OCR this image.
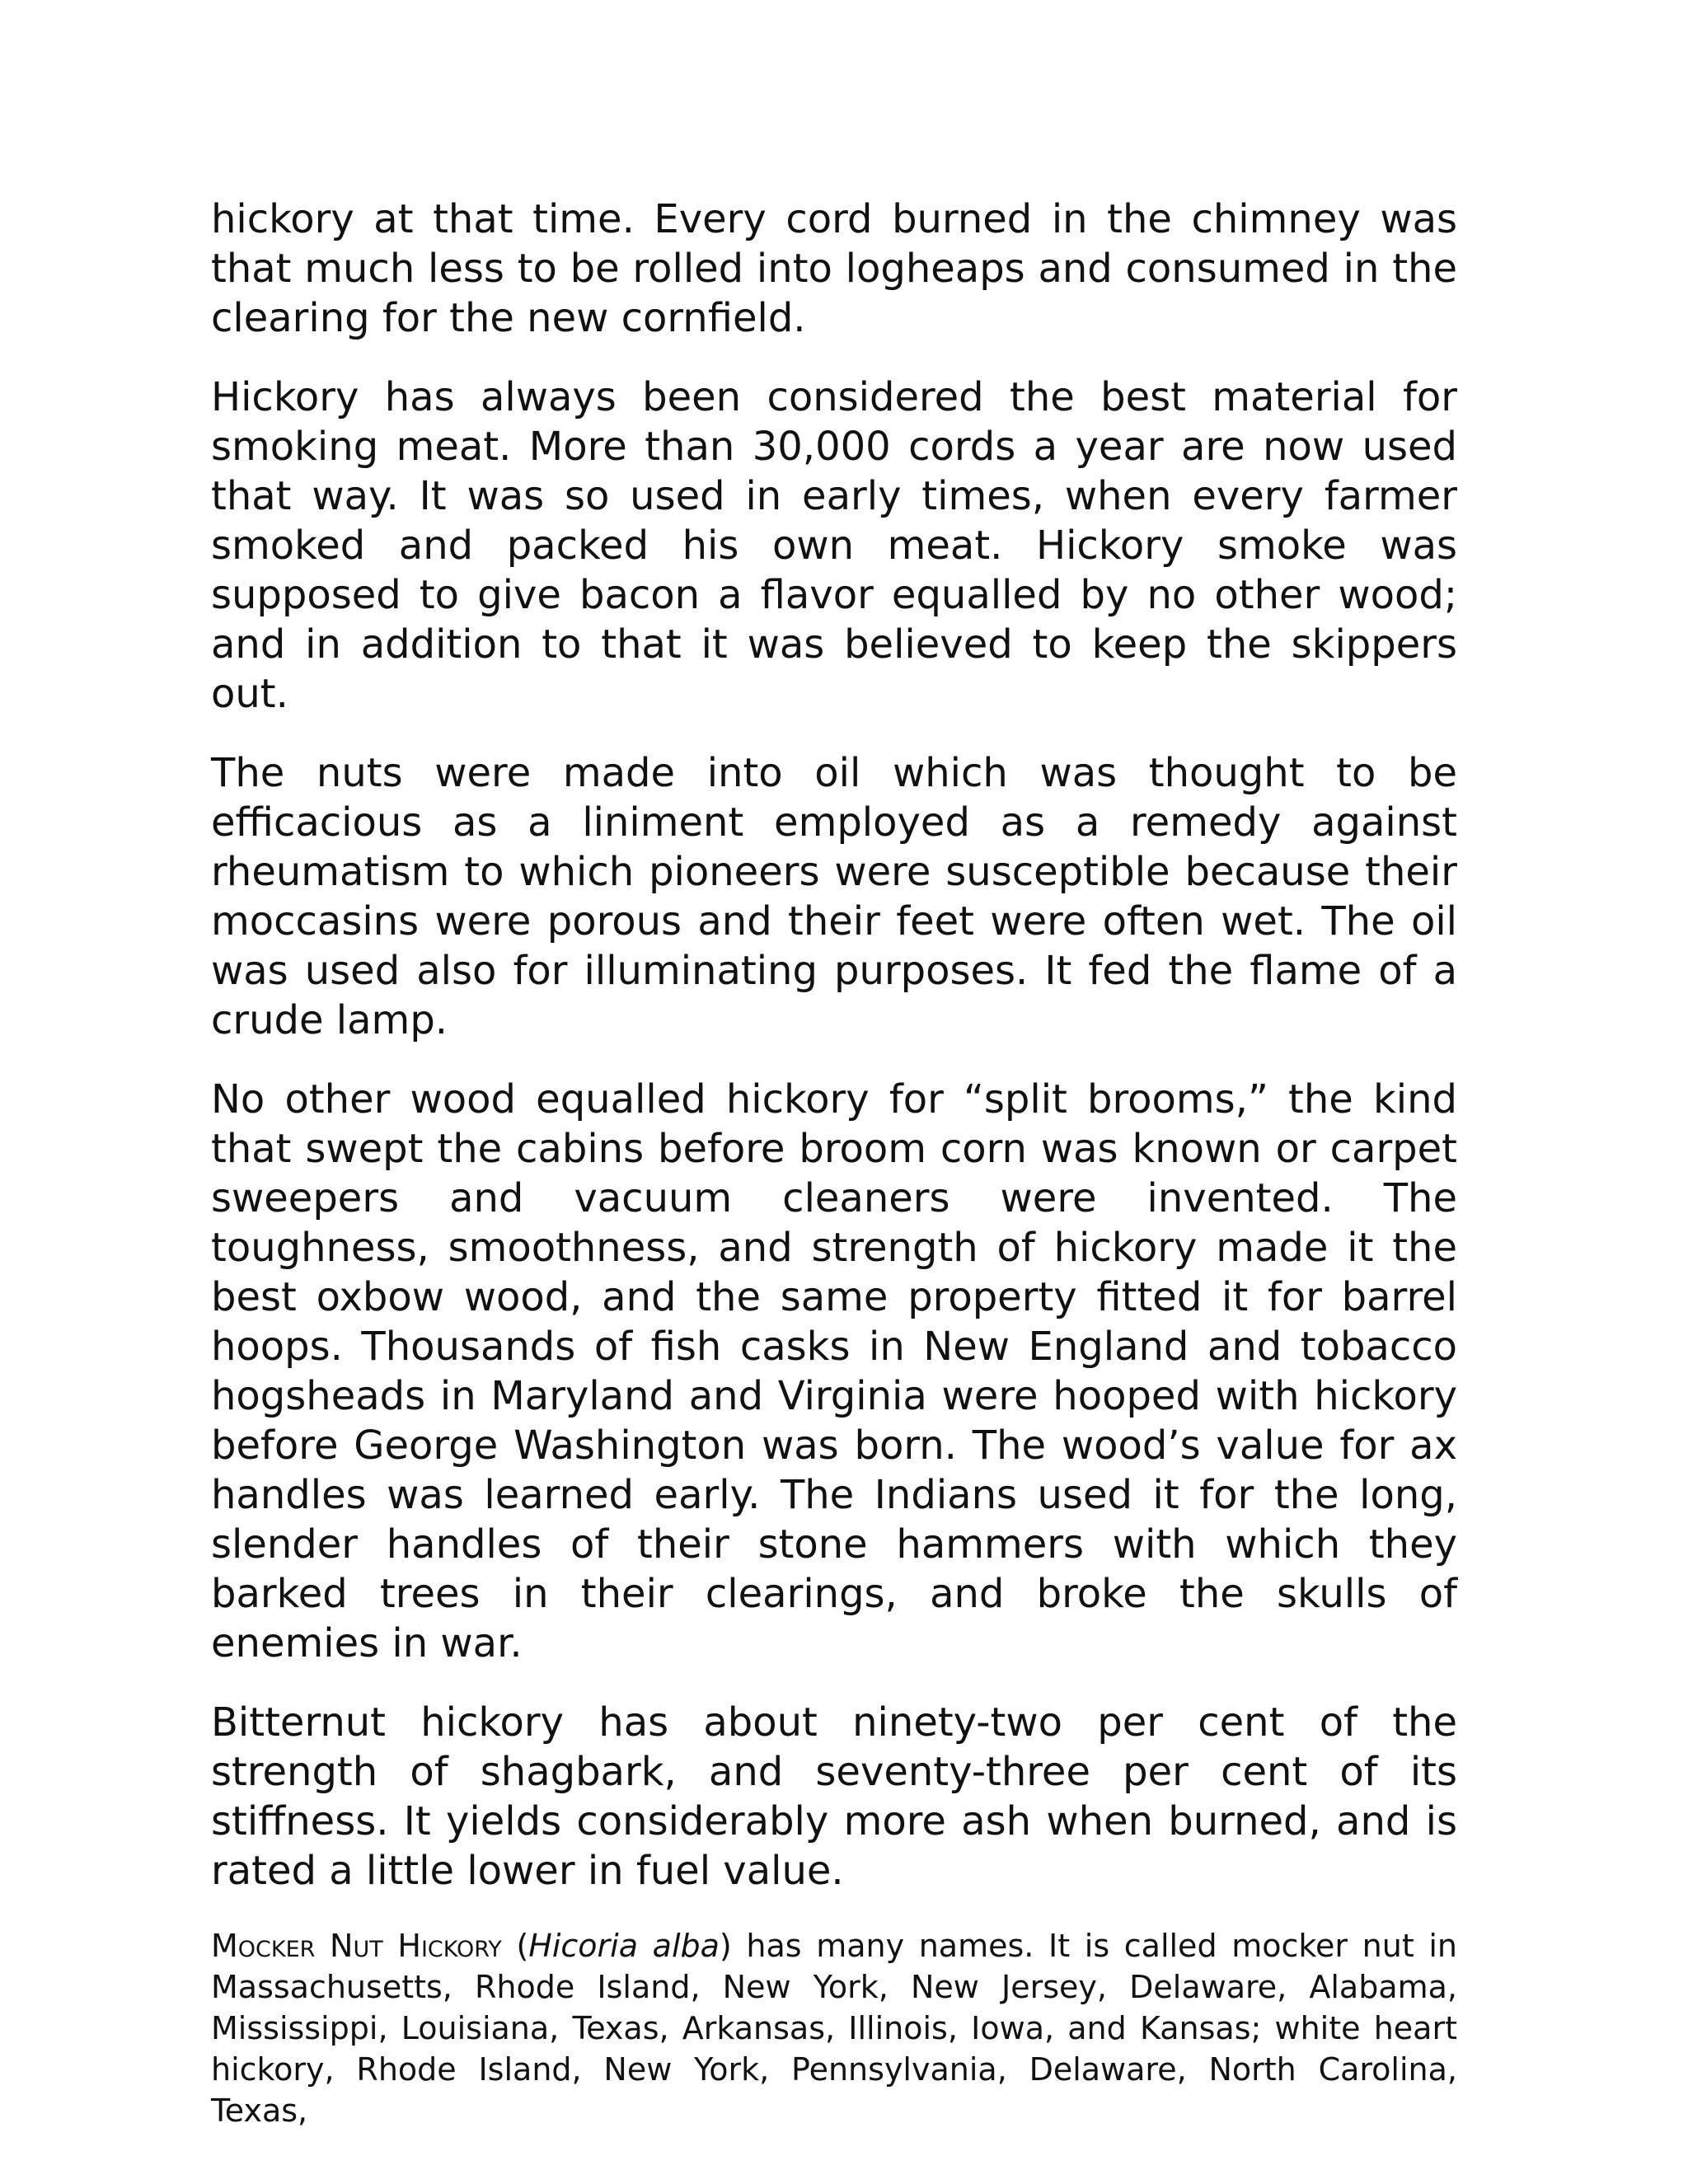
hickory at that time. Every cord burned in the chimney was that much less to be rolled into logheaps and consumed in the clearing for the new cornfield.

Hickory has always been considered the best material for smoking meat. More than 30,000 cords a year are now used that way. It was so used in early times, when every farmer smoked and packed his own meat. Hickory smoke was supposed to give bacon a flavor equalled by no other wood; and in addition to that it was believed to keep the skippers out.

The nuts were made into oil which was thought to be efficacious as a liniment employed as a remedy against rheumatism to which pioneers were susceptible because their moccasins were porous and their feet were often wet. The oil was used also for illuminating purposes. It fed the flame of a crude lamp.

No other wood equalled hickory for “split brooms,” the kind that swept the cabins before broom corn was known or carpet sweepers and vacuum cleaners were invented. The toughness, smoothness, and strength of hickory made it the best oxbow wood, and the same property fitted it for barrel hoops. Thousands of fish casks in New England and tobacco hogsheads in Maryland and Virginia were hooped with hickory before George Washington was born. The wood’s value for ax handles was learned early. The Indians used it for the long, slender handles of their stone hammers with which they barked trees in their clearings, and broke the skulls of enemies in war.

Bitternut hickory has about ninety-two per cent of the strength of shagbark, and seventy-three per cent of its stiffness. It yields considerably more ash when burned, and is rated a little lower in fuel value.

Mocker Nut Hickory (Hicoria alba) has many names. It is called mocker nut in Massachusetts, Rhode Island, New York, New Jersey, Delaware, Alabama, Mississippi, Louisiana, Texas, Arkansas, Illinois, Iowa, and Kansas; white heart hickory, Rhode Island, New York, Pennsylvania, Delaware, North Carolina, Texas,
